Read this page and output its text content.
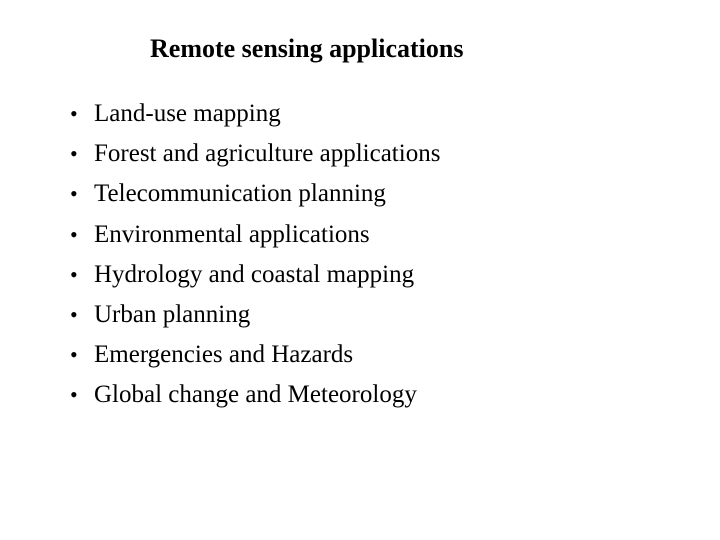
Remote sensing applications
• Land-use mapping
• Forest and agriculture applications
• Telecommunication planning
• Environmental applications
• Hydrology and coastal mapping
• Urban planning
• Emergencies and Hazards
• Global change and Meteorology
